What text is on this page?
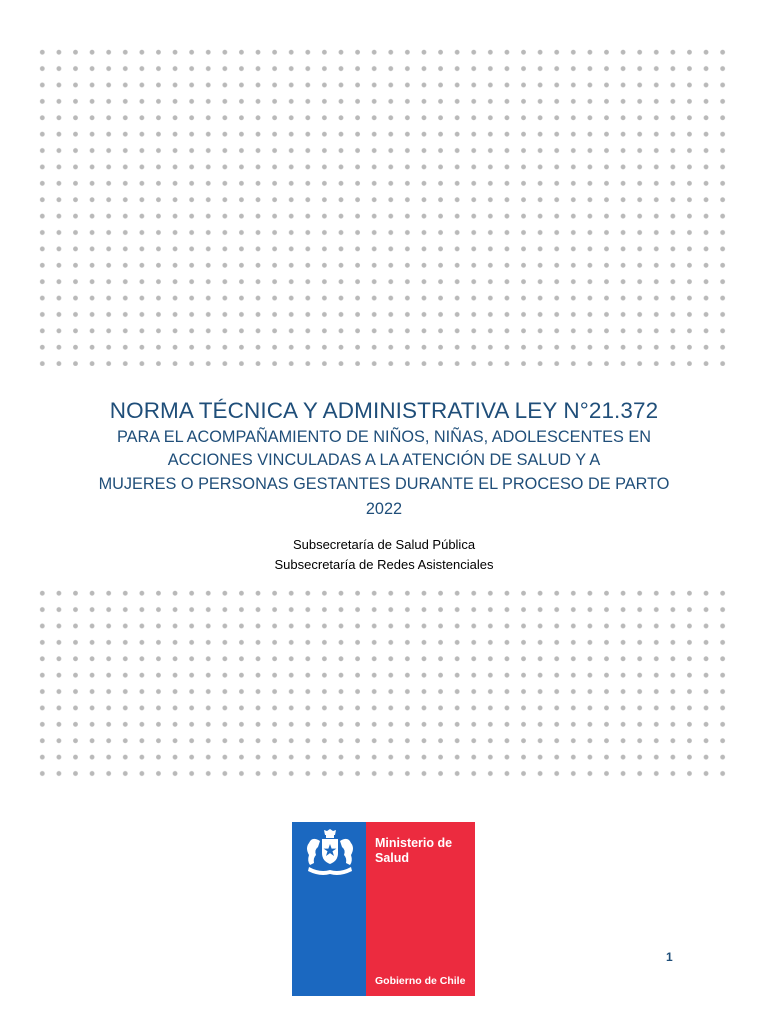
NORMA TÉCNICA Y ADMINISTRATIVA LEY N°21.372
PARA EL ACOMPAÑAMIENTO DE NIÑOS, NIÑAS, ADOLESCENTES EN
ACCIONES VINCULADAS A LA ATENCIÓN DE SALUD Y A
MUJERES O PERSONAS GESTANTES DURANTE EL PROCESO DE PARTO
2022
Subsecretaría de Salud Pública
Subsecretaría de Redes Asistenciales
Ministerio de
Salud
Gobierno de Chile
1
